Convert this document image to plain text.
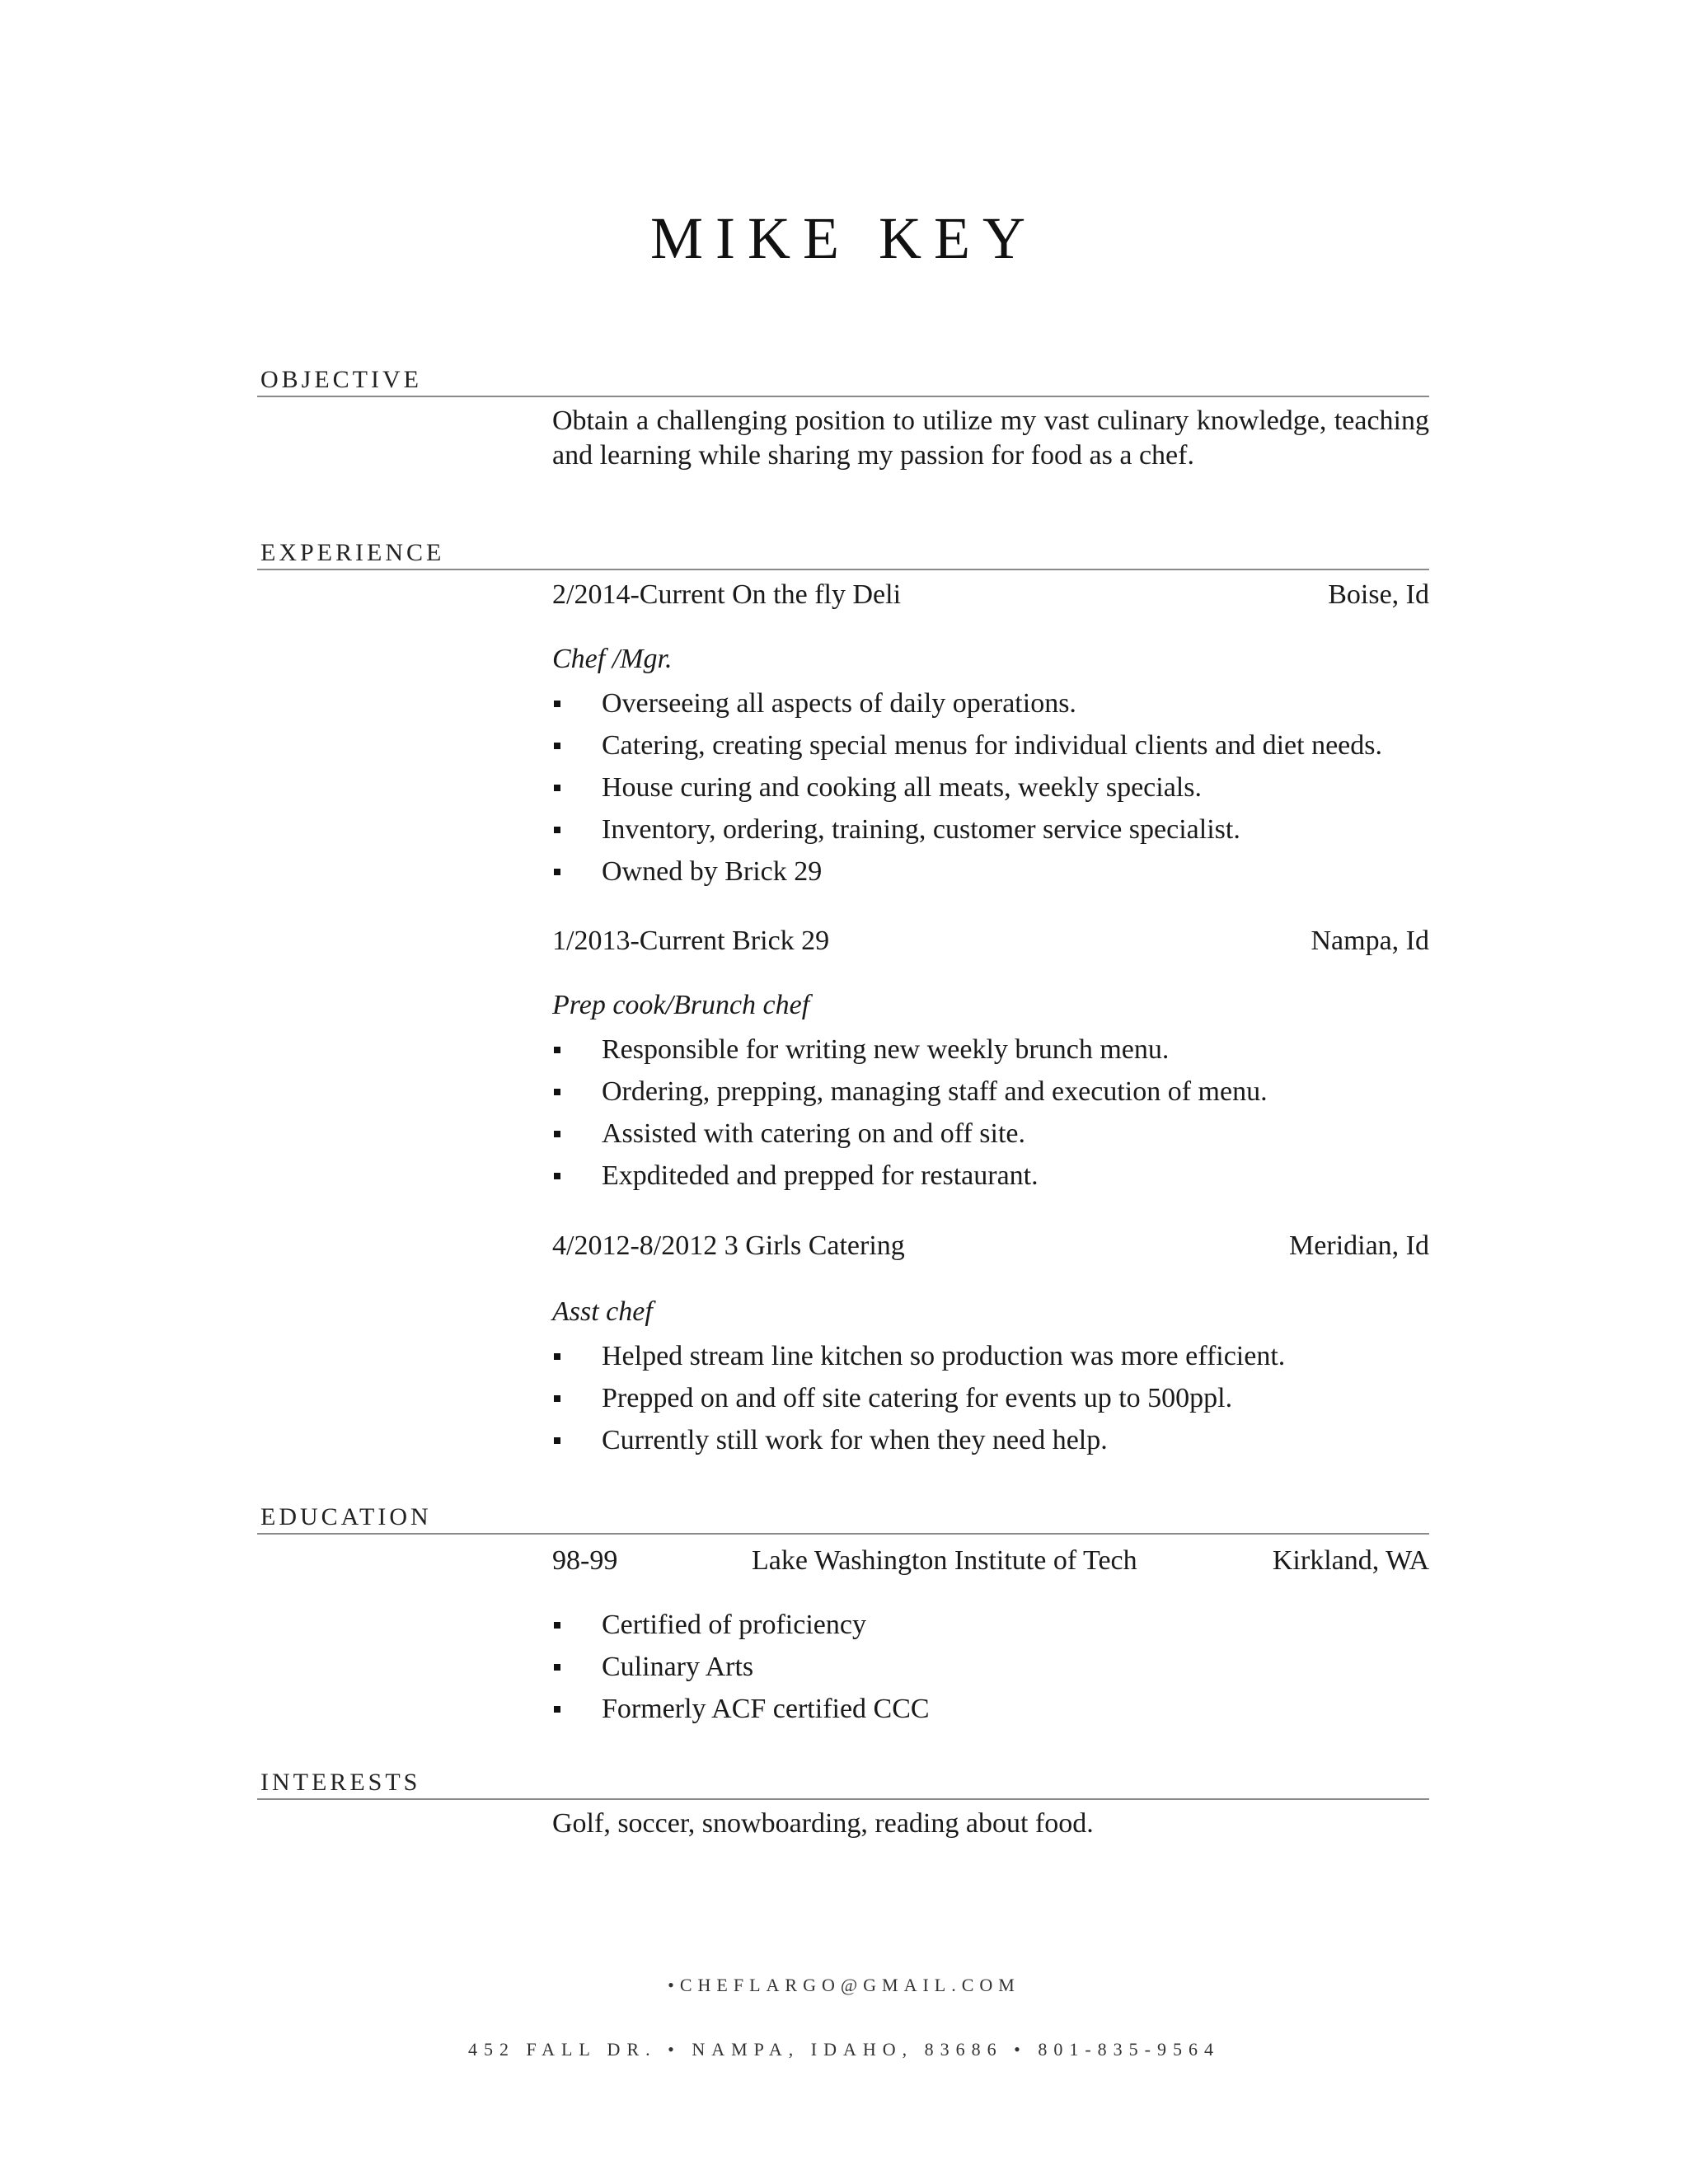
MIKE KEY
OBJECTIVE
Obtain a challenging position to utilize my vast culinary knowledge, teaching and learning while sharing my passion for food as a chef.
EXPERIENCE
2/2014-Current On the fly Deli	Boise, Id
Chef /Mgr.
Overseeing all aspects of daily operations.
Catering, creating special menus for individual clients and diet needs.
House curing and cooking all meats, weekly specials.
Inventory, ordering, training, customer service specialist.
Owned by Brick 29
1/2013-Current Brick 29	Nampa, Id
Prep cook/Brunch chef
Responsible for writing new weekly brunch menu.
Ordering, prepping, managing staff and execution of menu.
Assisted with catering on and off site.
Expditeded and prepped for restaurant.
4/2012-8/2012 3 Girls Catering	Meridian, Id
Asst chef
Helped stream line kitchen so production was more efficient.
Prepped on and off site catering for events up to 500ppl.
Currently still work for when they need help.
EDUCATION
98-99	Lake Washington Institute of Tech	Kirkland, WA
Certified of proficiency
Culinary Arts
Formerly ACF certified CCC
INTERESTS
Golf, soccer, snowboarding, reading about food.
•CHEFLARGO@GMAIL.COM
452 FALL DR. • NAMPA, IDAHO, 83686 • 801-835-9564
